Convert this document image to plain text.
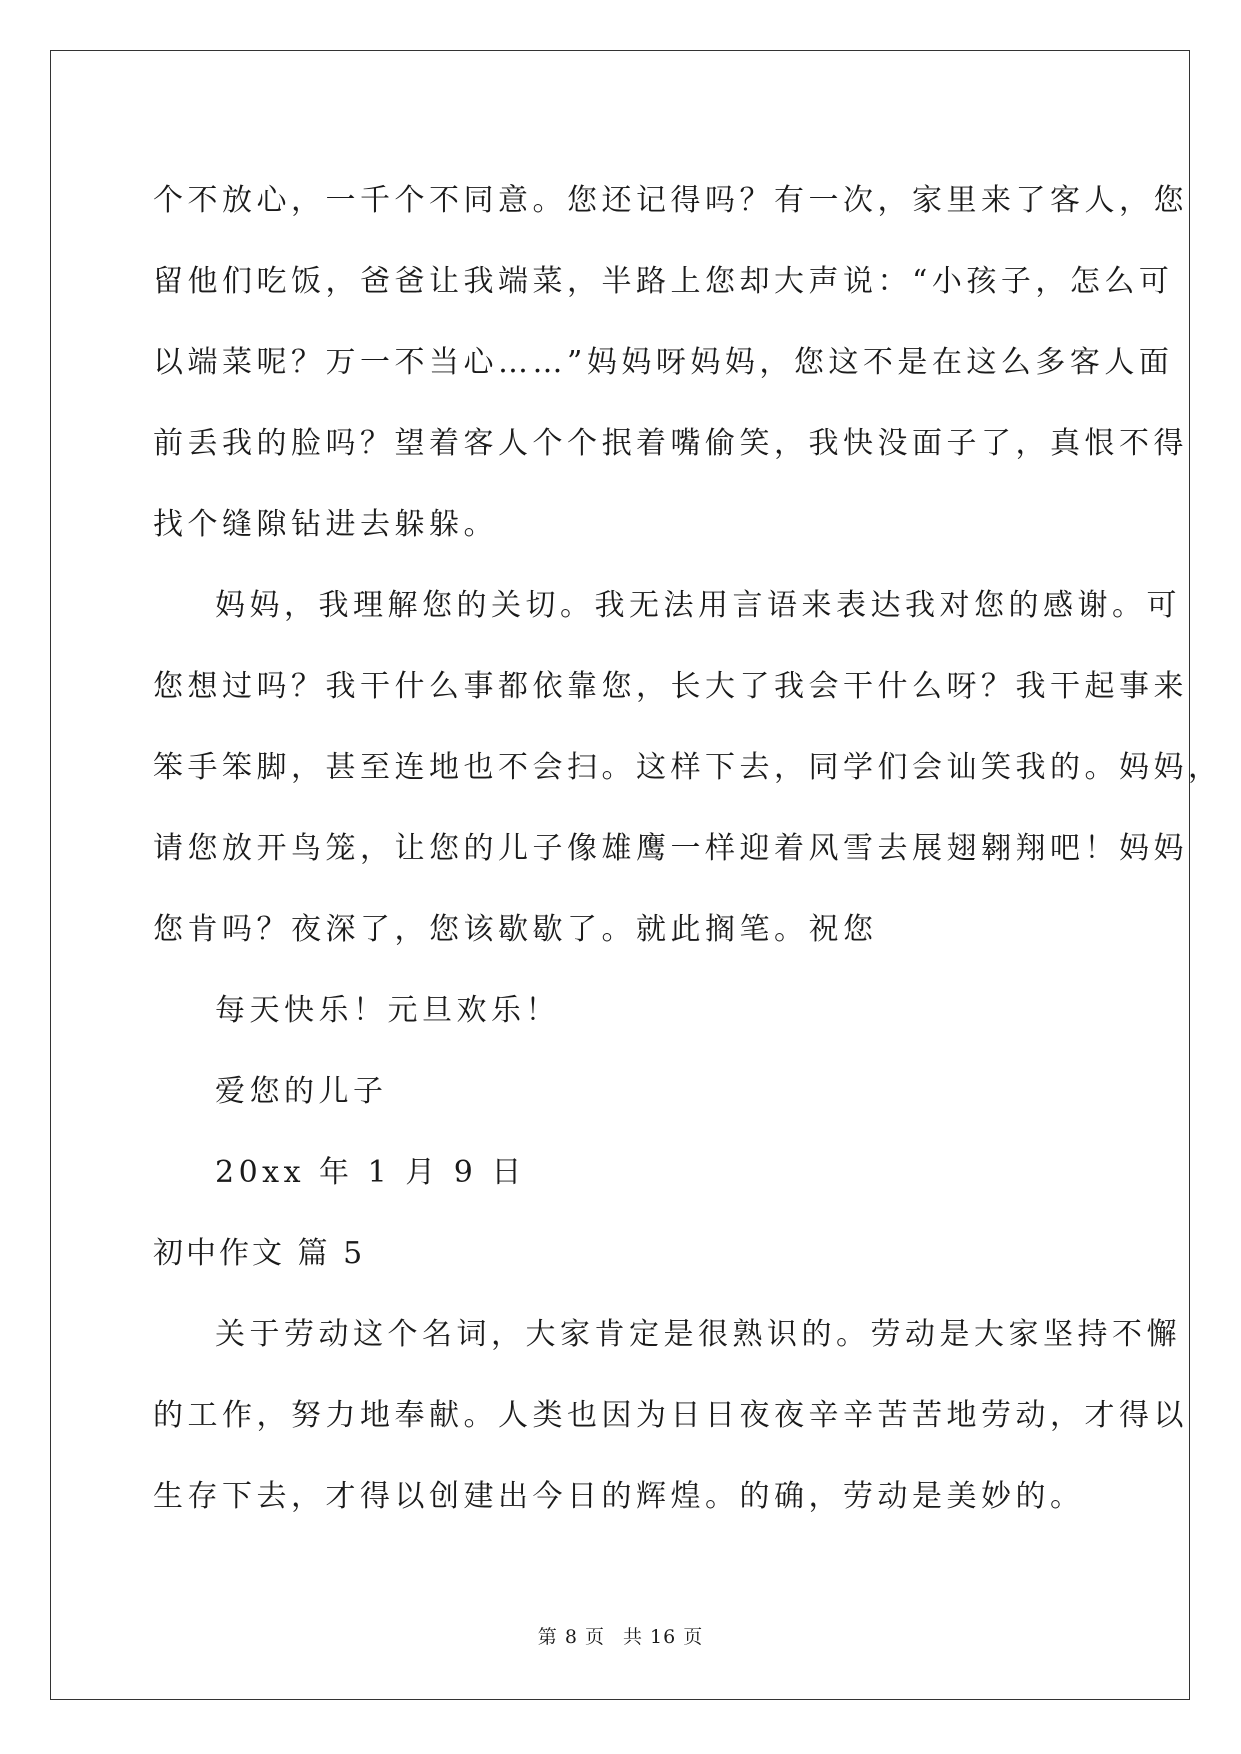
个不放心，一千个不同意。您还记得吗？有一次，家里来了客人，您
留他们吃饭，爸爸让我端菜，半路上您却大声说：“小孩子，怎么可
以端菜呢？万一不当心……”妈妈呀妈妈，您这不是在这么多客人面
前丢我的脸吗？望着客人个个抿着嘴偷笑，我快没面子了，真恨不得
找个缝隙钻进去躲躲。
妈妈，我理解您的关切。我无法用言语来表达我对您的感谢。可
您想过吗？我干什么事都依靠您，长大了我会干什么呀？我干起事来
笨手笨脚，甚至连地也不会扫。这样下去，同学们会讪笑我的。妈妈，
请您放开鸟笼，让您的儿子像雄鹰一样迎着风雪去展翅翱翔吧！妈妈
您肯吗？夜深了，您该歇歇了。就此搁笔。祝您
每天快乐！元旦欢乐！
爱您的儿子
20xx 年 1 月 9 日
初中作文 篇 5
关于劳动这个名词，大家肯定是很熟识的。劳动是大家坚持不懈
的工作，努力地奉献。人类也因为日日夜夜辛辛苦苦地劳动，才得以
生存下去，才得以创建出今日的辉煌。的确，劳动是美妙的。
第 8 页 共 16 页
